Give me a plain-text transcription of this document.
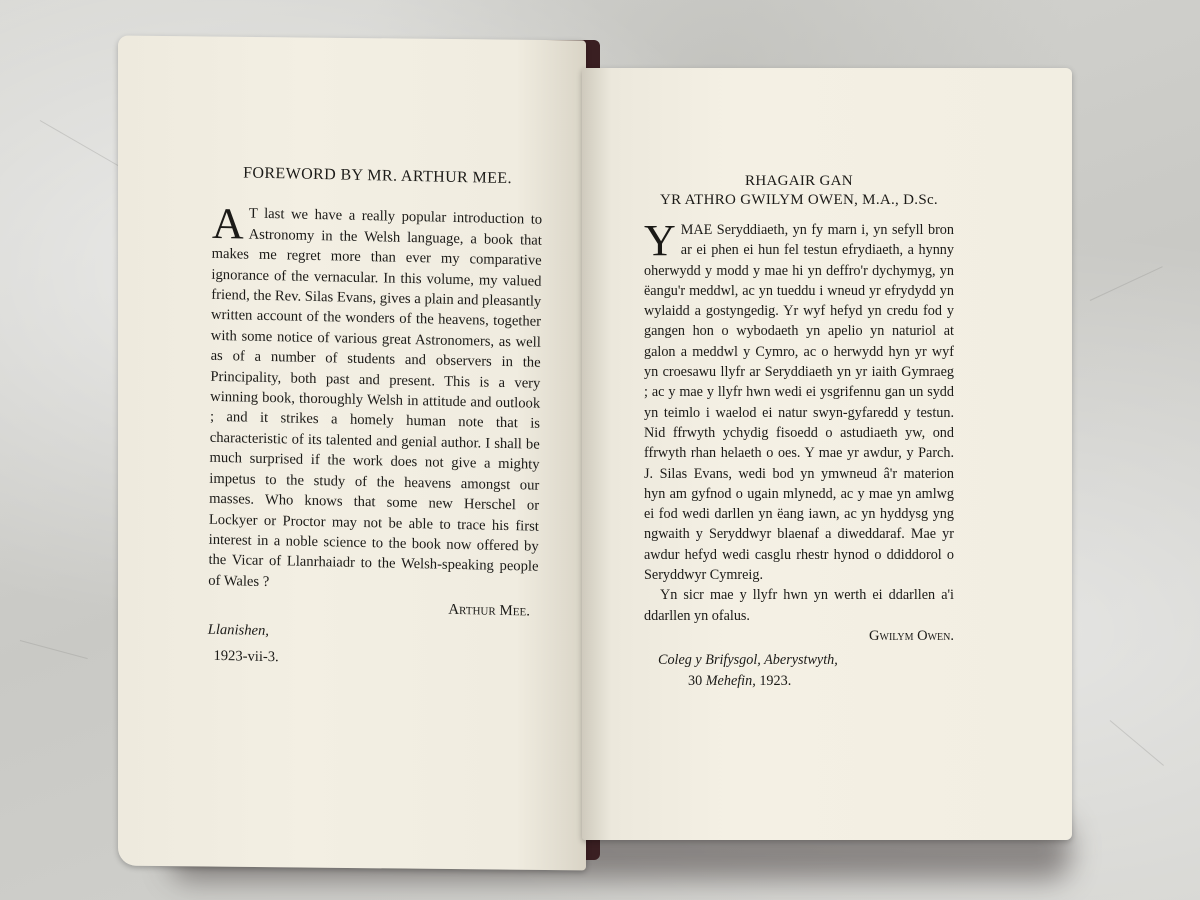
FOREWORD BY MR. ARTHUR MEE.

A T last we have a really popular introduction to Astronomy in the Welsh language, a book that makes me regret more than ever my comparative ignorance of the vernacular. In this volume, my valued friend, the Rev. Silas Evans, gives a plain and pleasantly written account of the wonders of the heavens, together with some notice of various great Astronomers, as well as of a number of students and observers in the Principality, both past and present. This is a very winning book, thoroughly Welsh in attitude and outlook ; and it strikes a homely human note that is characteristic of its talented and genial author. I shall be much surprised if the work does not give a mighty impetus to the study of the heavens amongst our masses. Who knows that some new Herschel or Lockyer or Proctor may not be able to trace his first interest in a noble science to the book now offered by the Vicar of Llanrhaiadr to the Welsh-speaking people of Wales ?

Arthur Mee.
Llanishen,
1923-vii-3.
RHAGAIR GAN
YR ATHRO GWILYM OWEN, M.A., D.Sc.

YMAE Seryddiaeth, yn fy marn i, yn sefyll bron ar ei phen ei hun fel testun efrydiaeth, a hynny oherwydd y modd y mae hi yn deffro'r dychymyg, yn ëangu'r meddwl, ac yn tueddu i wneud yr efrydydd yn wylaidd a gostyngedig. Yr wyf hefyd yn credu fod y gangen hon o wybodaeth yn apelio yn naturiol at galon a meddwl y Cymro, ac o herwydd hyn yr wyf yn croesawu llyfr ar Seryddiaeth yn yr iaith Gymraeg ; ac y mae y llyfr hwn wedi ei ysgrifennu gan un sydd yn teimlo i waelod ei natur swyn-gyfaredd y testun. Nid ffrwyth ychydig fisoedd o astudiaeth yw, ond ffrwyth rhan helaeth o oes. Y mae yr awdur, y Parch. J. Silas Evans, wedi bod yn ymwneud â'r materion hyn am gyfnod o ugain mlynedd, ac y mae yn amlwg ei fod wedi darllen yn ëang iawn, ac yn hyddysg yng ngwaith y Seryddwyr blaenaf a diweddaraf. Mae yr awdur hefyd wedi casglu rhestr hynod o ddiddorol o Seryddwyr Cymreig.

Yn sicr mae y llyfr hwn yn werth ei ddarllen a'i ddarllen yn ofalus.

Gwilym Owen.
Coleg y Brifysgol, Aberystwyth,
30 Mehefin, 1923.
